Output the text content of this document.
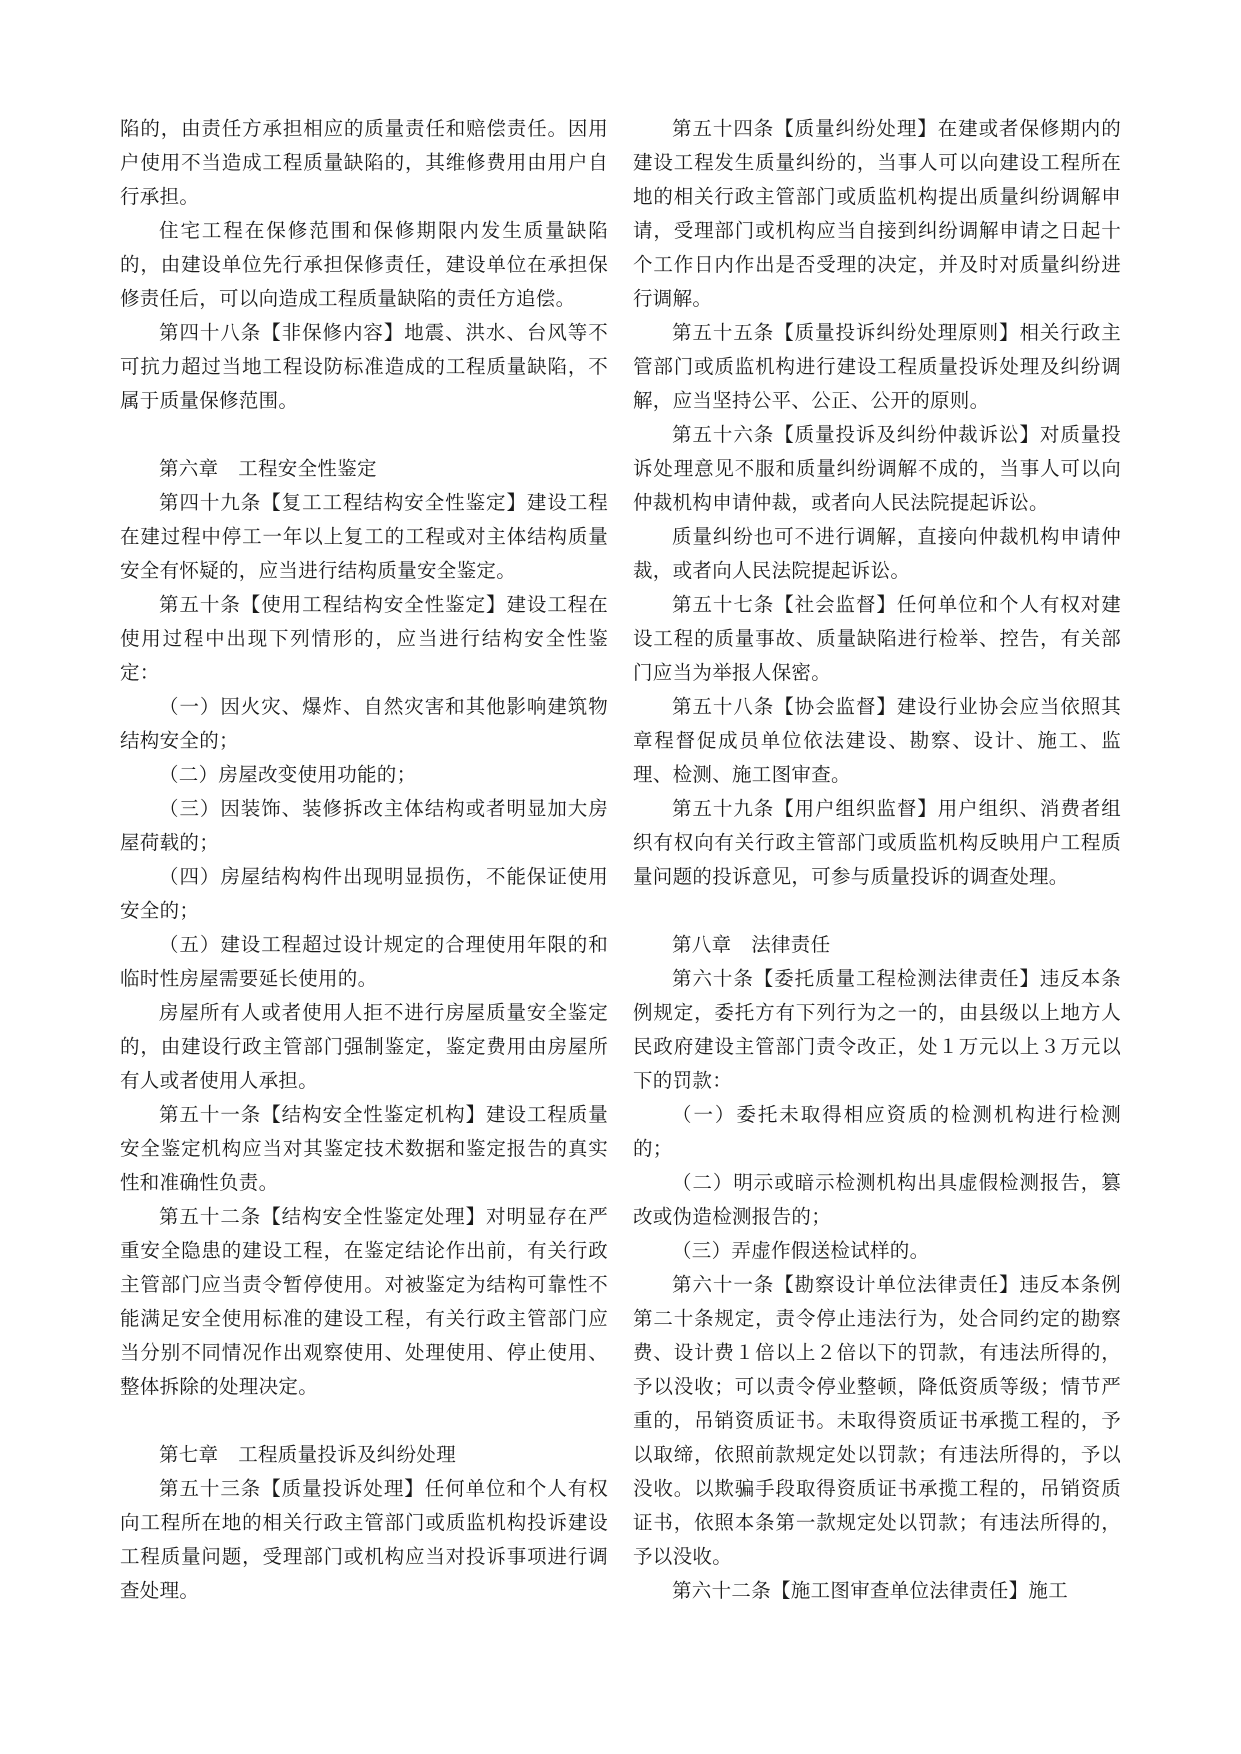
陷的，由责任方承担相应的质量责任和赔偿责任。因用户使用不当造成工程质量缺陷的，其维修费用由用户自行承担。

住宅工程在保修范围和保修期限内发生质量缺陷的，由建设单位先行承担保修责任，建设单位在承担保修责任后，可以向造成工程质量缺陷的责任方追偿。

第四十八条【非保修内容】地震、洪水、台风等不可抗力超过当地工程设防标准造成的工程质量缺陷，不属于质量保修范围。

第六章　工程安全性鉴定

第四十九条【复工工程结构安全性鉴定】建设工程在建过程中停工一年以上复工的工程或对主体结构质量安全有怀疑的，应当进行结构质量安全鉴定。

第五十条【使用工程结构安全性鉴定】建设工程在使用过程中出现下列情形的，应当进行结构安全性鉴定：

（一）因火灾、爆炸、自然灾害和其他影响建筑物结构安全的；

（二）房屋改变使用功能的；

（三）因装饰、装修拆改主体结构或者明显加大房屋荷载的；

（四）房屋结构构件出现明显损伤，不能保证使用安全的；

（五）建设工程超过设计规定的合理使用年限的和临时性房屋需要延长使用的。

房屋所有人或者使用人拒不进行房屋质量安全鉴定的，由建设行政主管部门强制鉴定，鉴定费用由房屋所有人或者使用人承担。

第五十一条【结构安全性鉴定机构】建设工程质量安全鉴定机构应当对其鉴定技术数据和鉴定报告的真实性和准确性负责。

第五十二条【结构安全性鉴定处理】对明显存在严重安全隐患的建设工程，在鉴定结论作出前，有关行政主管部门应当责令暂停使用。对被鉴定为结构可靠性不能满足安全使用标准的建设工程，有关行政主管部门应当分别不同情况作出观察使用、处理使用、停止使用、整体拆除的处理决定。

第七章　工程质量投诉及纠纷处理

第五十三条【质量投诉处理】任何单位和个人有权向工程所在地的相关行政主管部门或质监机构投诉建设工程质量问题，受理部门或机构应当对投诉事项进行调查处理。

第五十四条【质量纠纷处理】在建或者保修期内的建设工程发生质量纠纷的，当事人可以向建设工程所在地的相关行政主管部门或质监机构提出质量纠纷调解申请，受理部门或机构应当自接到纠纷调解申请之日起十个工作日内作出是否受理的决定，并及时对质量纠纷进行调解。

第五十五条【质量投诉纠纷处理原则】相关行政主管部门或质监机构进行建设工程质量投诉处理及纠纷调解，应当坚持公平、公正、公开的原则。

第五十六条【质量投诉及纠纷仲裁诉讼】对质量投诉处理意见不服和质量纠纷调解不成的，当事人可以向仲裁机构申请仲裁，或者向人民法院提起诉讼。

质量纠纷也可不进行调解，直接向仲裁机构申请仲裁，或者向人民法院提起诉讼。

第五十七条【社会监督】任何单位和个人有权对建设工程的质量事故、质量缺陷进行检举、控告，有关部门应当为举报人保密。

第五十八条【协会监督】建设行业协会应当依照其章程督促成员单位依法建设、勘察、设计、施工、监理、检测、施工图审查。

第五十九条【用户组织监督】用户组织、消费者组织有权向有关行政主管部门或质监机构反映用户工程质量问题的投诉意见，可参与质量投诉的调查处理。

第八章　法律责任

第六十条【委托质量工程检测法律责任】违反本条例规定，委托方有下列行为之一的，由县级以上地方人民政府建设主管部门责令改正，处１万元以上３万元以下的罚款：

（一）委托未取得相应资质的检测机构进行检测的；

（二）明示或暗示检测机构出具虚假检测报告，篡改或伪造检测报告的；

（三）弄虚作假送检试样的。

第六十一条【勘察设计单位法律责任】违反本条例第二十条规定，责令停止违法行为，处合同约定的勘察费、设计费１倍以上２倍以下的罚款，有违法所得的，予以没收；可以责令停业整顿，降低资质等级；情节严重的，吊销资质证书。未取得资质证书承揽工程的，予以取缔，依照前款规定处以罚款；有违法所得的，予以没收。以欺骗手段取得资质证书承揽工程的，吊销资质证书，依照本条第一款规定处以罚款；有违法所得的，予以没收。

第六十二条【施工图审查单位法律责任】施工
